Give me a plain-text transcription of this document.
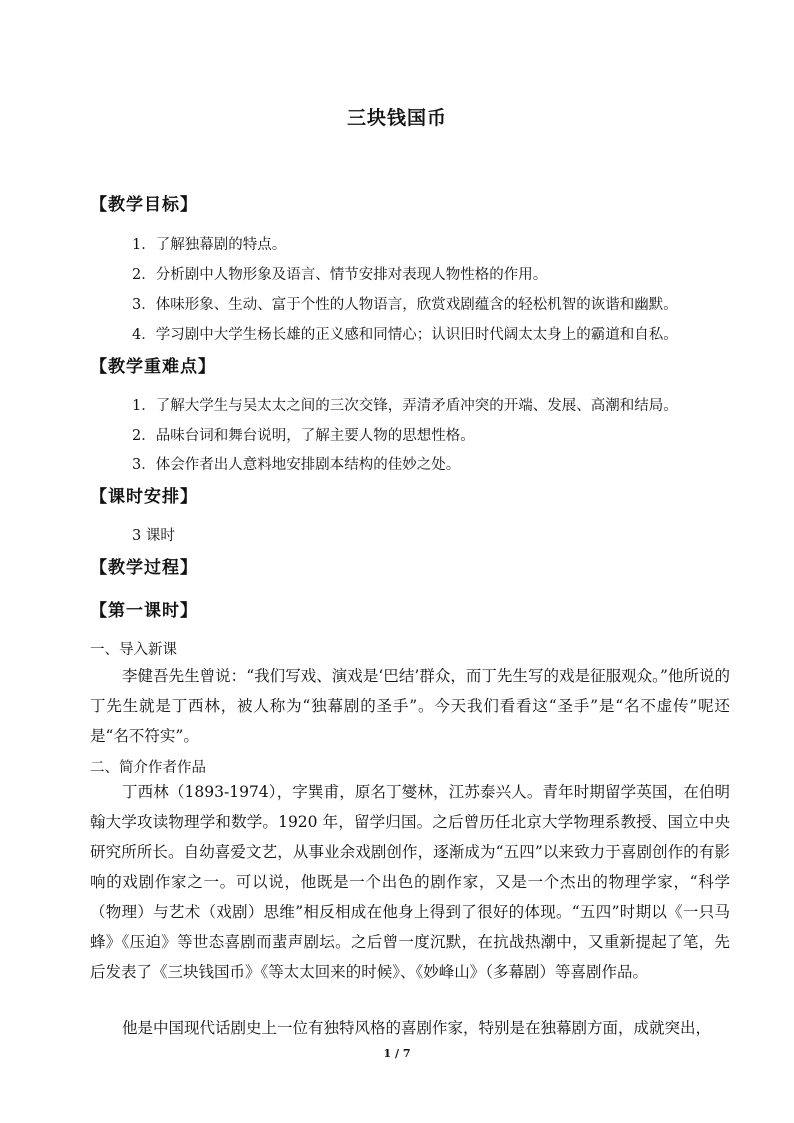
三块钱国币
【教学目标】
1．了解独幕剧的特点。
2．分析剧中人物形象及语言、情节安排对表现人物性格的作用。
3．体味形象、生动、富于个性的人物语言，欣赏戏剧蕴含的轻松机智的诙谐和幽默。
4．学习剧中大学生杨长雄的正义感和同情心；认识旧时代阔太太身上的霸道和自私。
【教学重难点】
1．了解大学生与吴太太之间的三次交锋，弄清矛盾冲突的开端、发展、高潮和结局。
2．品味台词和舞台说明，了解主要人物的思想性格。
3．体会作者出人意料地安排剧本结构的佳妙之处。
【课时安排】
3 课时
【教学过程】
【第一课时】
一、导入新课
李健吾先生曾说：“我们写戏、演戏是‘巴结’群众，而丁先生写的戏是征服观众。”他所说的丁先生就是丁西林，被人称为“独幕剧的圣手”。今天我们看看这“圣手”是“名不虚传”呢还是“名不符实”。
二、简介作者作品
丁西林（1893-1974），字巽甫，原名丁燮林，江苏泰兴人。青年时期留学英国，在伯明翰大学攻读物理学和数学。1920 年，留学归国。之后曾历任北京大学物理系教授、国立中央研究所所长。自幼喜爱文艺，从事业余戏剧创作，逐渐成为“五四”以来致力于喜剧创作的有影响的戏剧作家之一。可以说，他既是一个出色的剧作家，又是一个杰出的物理学家，“科学（物理）与艺术（戏剧）思维”相反相成在他身上得到了很好的体现。“五四”时期以《一只马蜂》《压迫》等世态喜剧而蜚声剧坛。之后曾一度沉默，在抗战热潮中，又重新提起了笔，先后发表了《三块钱国币》《等太太回来的时候》、《妙峰山》（多幕剧）等喜剧作品。
他是中国现代话剧史上一位有独特风格的喜剧作家，特别是在独幕剧方面，成就突出，
1 / 7
